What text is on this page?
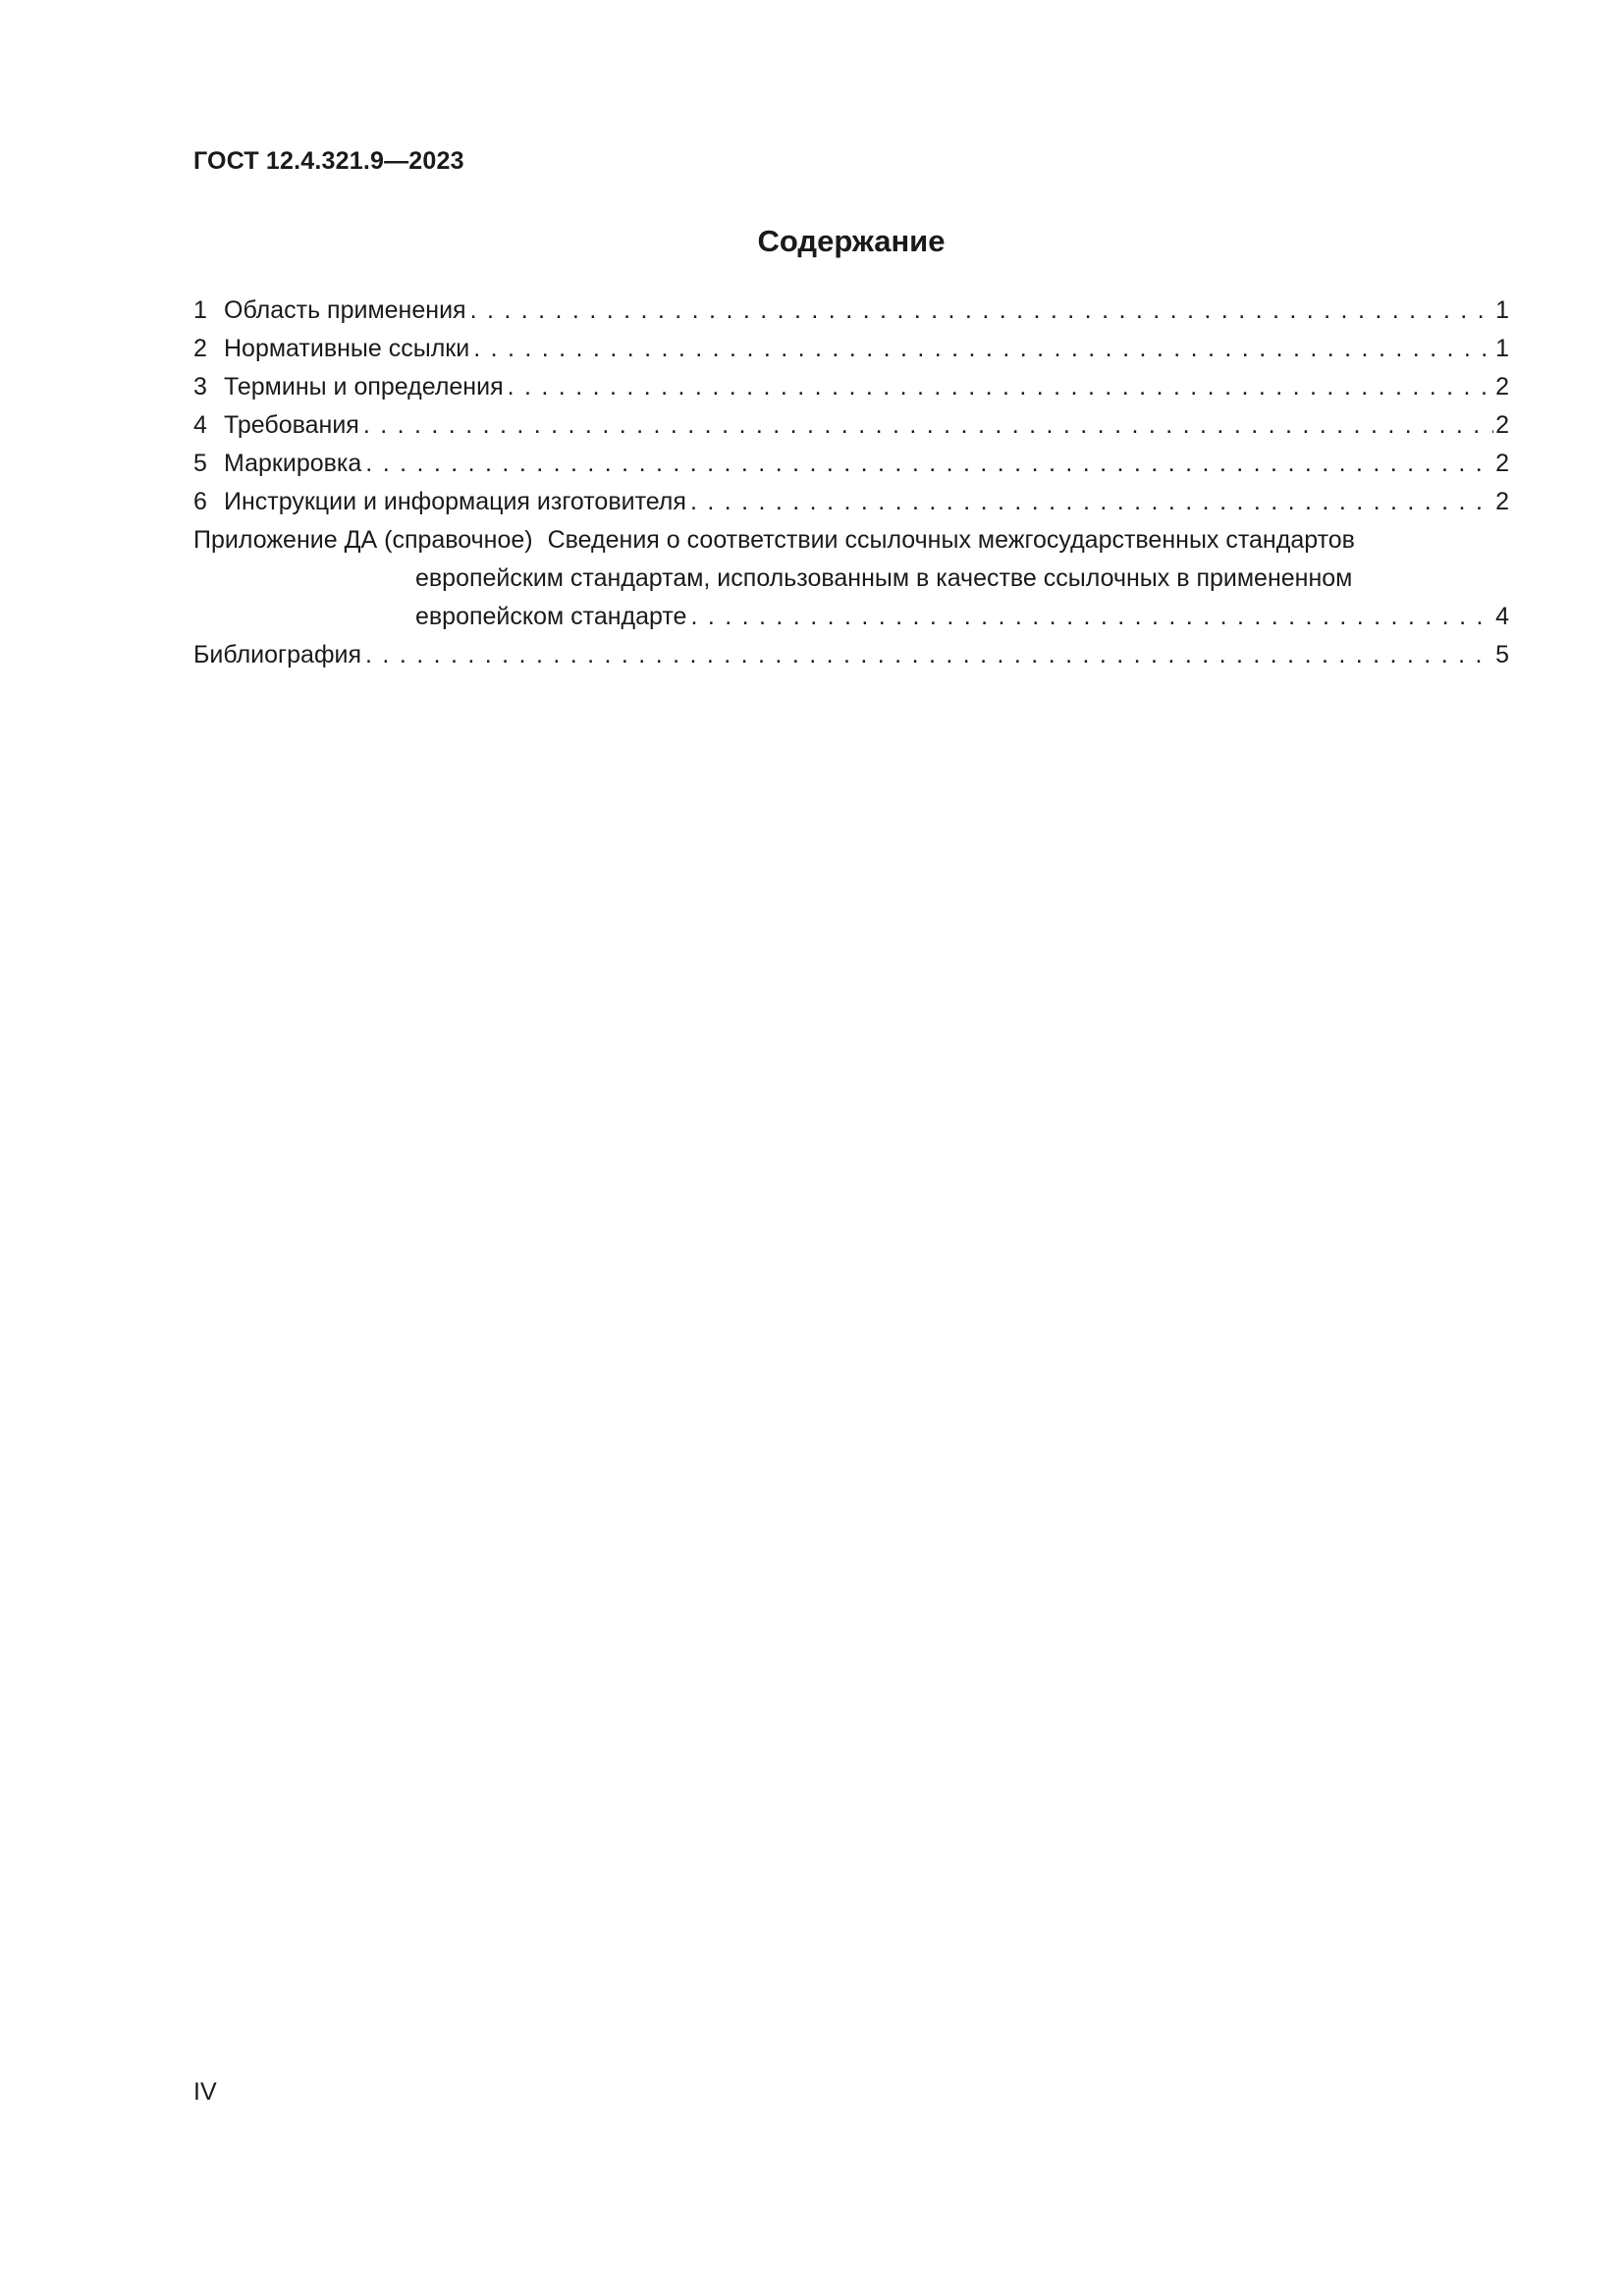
ГОСТ 12.4.321.9—2023
Содержание
1 Область применения . . .	1
2 Нормативные ссылки . . .	1
3 Термины и определения . . .	2
4 Требования . . .	2
5 Маркировка . . .	2
6 Инструкции и информация изготовителя . . .	2
Приложение ДА (справочное) Сведения о соответствии ссылочных межгосударственных стандартов
европейским стандартам, использованным в качестве ссылочных в примененном
европейском стандарте . . .	4
Библиография . . .	5
IV
